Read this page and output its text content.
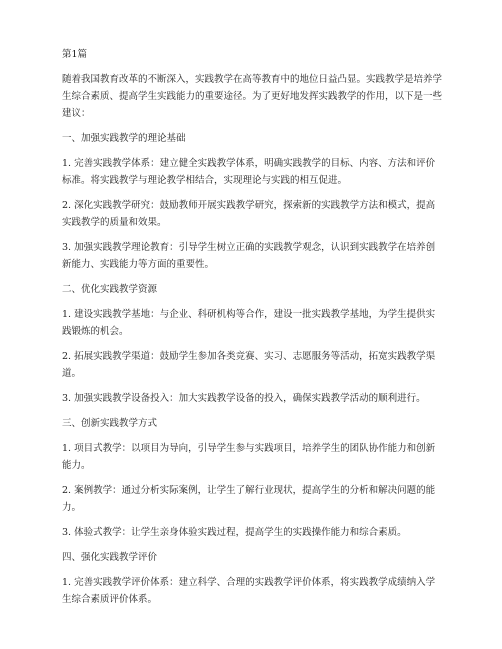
第1篇

随着我国教育改革的不断深入，实践教学在高等教育中的地位日益凸显。实践教学是培养学生综合素质、提高学生实践能力的重要途径。为了更好地发挥实践教学的作用，以下是一些建议：

一、加强实践教学的理论基础

1. 完善实践教学体系：建立健全实践教学体系，明确实践教学的目标、内容、方法和评价标准。将实践教学与理论教学相结合，实现理论与实践的相互促进。

2. 深化实践教学研究：鼓励教师开展实践教学研究，探索新的实践教学方法和模式，提高实践教学的质量和效果。

3. 加强实践教学理论教育：引导学生树立正确的实践教学观念，认识到实践教学在培养创新能力、实践能力等方面的重要性。

二、优化实践教学资源

1. 建设实践教学基地：与企业、科研机构等合作，建设一批实践教学基地，为学生提供实践锻炼的机会。

2. 拓展实践教学渠道：鼓励学生参加各类竞赛、实习、志愿服务等活动，拓宽实践教学渠道。

3. 加强实践教学设备投入：加大实践教学设备的投入，确保实践教学活动的顺利进行。

三、创新实践教学方式

1. 项目式教学：以项目为导向，引导学生参与实践项目，培养学生的团队协作能力和创新能力。

2. 案例教学：通过分析实际案例，让学生了解行业现状，提高学生的分析和解决问题的能力。

3. 体验式教学：让学生亲身体验实践过程，提高学生的实践操作能力和综合素质。

四、强化实践教学评价

1. 完善实践教学评价体系：建立科学、合理的实践教学评价体系，将实践教学成绩纳入学生综合素质评价体系。
